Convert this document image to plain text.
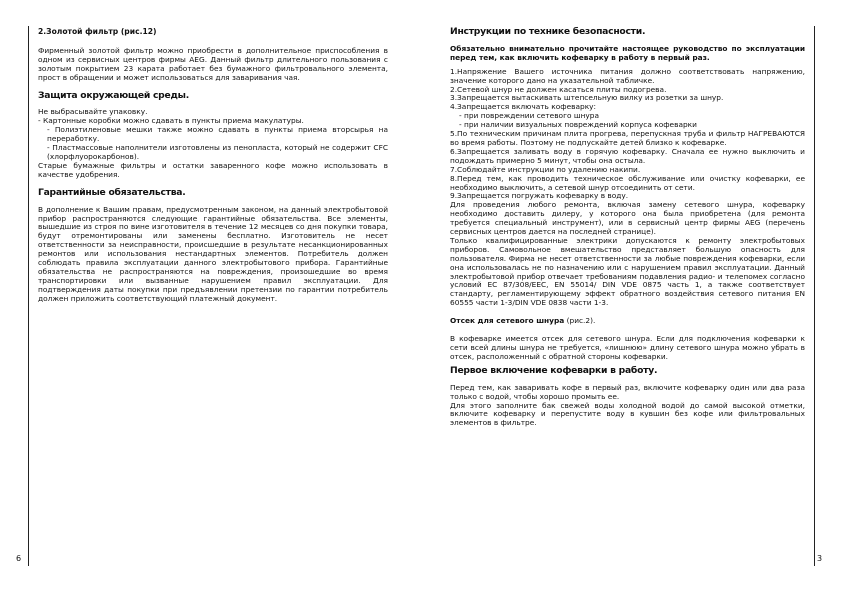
2.Золотой фильтр (рис.12)

Фирменный золотой фильтр можно приобрести в дополнительное приспособления в одном из сервисных центров фирмы AEG. Данный фильтр длительного пользования с золотым покрытием 23 карата работает без бумажного фильтровального элемента, прост в обращении и может использоваться для заваривания чая.

Защита окружающей среды.

Не выбрасывайте упаковку.

- Картонные коробки можно сдавать в пункты приема макулатуры.

- Полиэтиленовые мешки также можно сдавать в пункты приема вторсырья на переработку.

- Пластмассовые наполнители изготовлены из пенопласта, который не содержит CFC (хлорфлуорокарбонов).

Старые бумажные фильтры и остатки заваренного кофе можно использовать в качестве удобрения.

Гарантийные обязательства.

В дополнение к Вашим правам, предусмотренным законом, на данный электробытовой прибор распространяются следующие гарантийные обязательства. Все элементы, вышедшие из строя по вине изготовителя в течение 12 месяцев со дня покупки товара, будут отремонтированы или заменены бесплатно. Изготовитель не несет ответственности за неисправности, происшедшие в результате несанкционированных ремонтов или использования нестандартных элементов. Потребитель должен соблюдать правила эксплуатации данного электробытового прибора. Гарантийные обязательства не распространяются на повреждения, произошедшие во время транспортировки или вызванные нарушением правил эксплуатации. Для подтверждения даты покупки при предъявлении претензии по гарантии потребитель должен приложить соответствующий платежный документ.

6

Инструкции по технике безопасности.

Обязательно внимательно прочитайте настоящее руководство по эксплуатации перед тем, как включить кофеварку в работу в первый раз.

1.Напряжение Вашего источника питания должно соответствовать напряжению, значение которого дано на указательной табличке.

2.Сетевой шнур не должен касаться плиты подогрева.

3.Запрещается вытаскивать штепсельную вилку из розетки за шнур.

4.Запрещается включать кофеварку:

- при повреждении сетевого шнура

- при наличии визуальных повреждений корпуса кофеварки

5.По техническим причинам плита прогрева, перепускная труба и фильтр НАГРЕВАЮТСЯ во время работы. Поэтому не подпускайте детей близко к кофеварке.

6.Запрещается заливать воду в горячую кофеварку. Сначала ее нужно выключить и подождать примерно 5 минут, чтобы она остыла.

7.Соблюдайте инструкции по удалению накипи.

8.Перед тем, как проводить техническое обслуживание или очистку кофеварки, ее необходимо выключить, а сетевой шнур отсоединить от сети.

9.Запрещается погружать кофеварку в воду.

Для проведения любого ремонта, включая замену сетевого шнура, кофеварку необходимо доставить дилеру, у которого она была приобретена (для ремонта требуется специальный инструмент), или в сервисный центр фирмы AEG (перечень сервисных центров дается на последней странице).

Только квалифицированные электрики допускаются к ремонту электробытовых приборов. Самовольное вмешательство представляет большую опасность для пользователя. Фирма не несет ответственности за любые повреждения кофеварки, если она использовалась не по назначению или с нарушением правил эксплуатации. Данный электробытовой прибор отвечает требованиям подавления радио- и телепомех согласно условий ЕС 87/308/EEC, EN 55014/ DIN VDE 0875 часть 1, а также соответствует стандарту, регламентирующему эффект обратного воздействия сетевого питания EN 60555 части 1-3/DIN VDE 0838 части 1-3.

Отсек для сетевого шнура (рис.2).

В кофеварке имеется отсек для сетевого шнура. Если для подключения кофеварки к сети всей длины шнура не требуется, «лишнюю» длину сетевого шнура можно убрать в отсек, расположенный с обратной стороны кофеварки.

Первое включение кофеварки в работу.

Перед тем, как заваривать кофе в первый раз, включите кофеварку один или два раза только с водой, чтобы хорошо промыть ее.

Для этого заполните бак свежей воды холодной водой до самой высокой отметки, включите кофеварку и перепустите воду в кувшин без кофе или фильтровальных элементов в фильтре.

3
